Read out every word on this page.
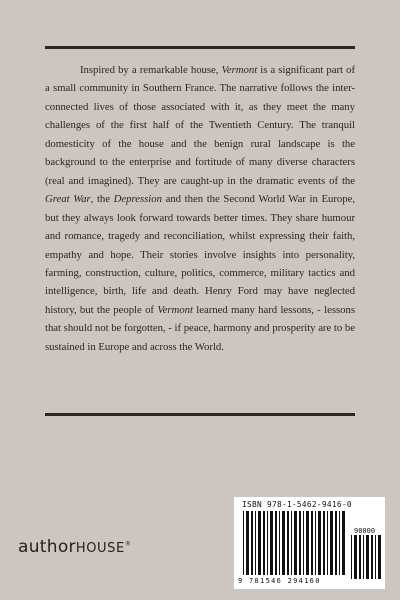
Inspired by a remarkable house, Vermont is a significant part of a small community in Southern France. The narrative follows the inter-connected lives of those associated with it, as they meet the many challenges of the first half of the Twentieth Century. The tranquil domesticity of the house and the benign rural landscape is the background to the enterprise and fortitude of many diverse characters (real and imagined). They are caught-up in the dramatic events of the Great War, the Depression and then the Second World War in Europe, but they always look forward towards better times. They share humour and romance, tragedy and reconciliation, whilst expressing their faith, empathy and hope. Their stories involve insights into personality, farming, construction, culture, politics, commerce, military tactics and intelligence, birth, life and death. Henry Ford may have neglected history, but the people of Vermont learned many hard lessons, - lessons that should not be forgotten, - if peace, harmony and prosperity are to be sustained in Europe and across the World.

authorHOUSE®
ISBN 978-1-5462-9416-0
90000
9 781546 294160
